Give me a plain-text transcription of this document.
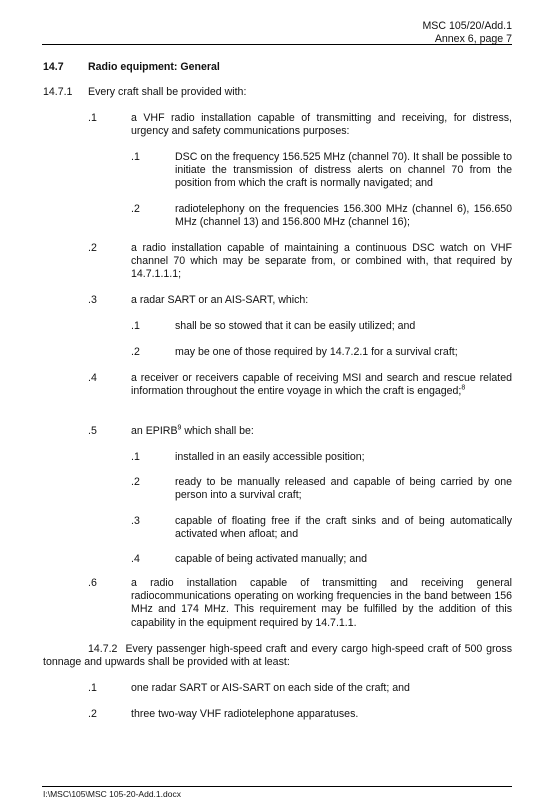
MSC 105/20/Add.1
Annex 6, page 7
14.7 Radio equipment: General
14.7.1 Every craft shall be provided with:
.1	a VHF radio installation capable of transmitting and receiving, for distress, urgency and safety communications purposes:
.1	DSC on the frequency 156.525 MHz (channel 70). It shall be possible to initiate the transmission of distress alerts on channel 70 from the position from which the craft is normally navigated; and
.2	radiotelephony on the frequencies 156.300 MHz (channel 6), 156.650 MHz (channel 13) and 156.800 MHz (channel 16);
.2	a radio installation capable of maintaining a continuous DSC watch on VHF channel 70 which may be separate from, or combined with, that required by 14.7.1.1.1;
.3	a radar SART or an AIS-SART, which:
.1	shall be so stowed that it can be easily utilized; and
.2	may be one of those required by 14.7.2.1 for a survival craft;
.4	a receiver or receivers capable of receiving MSI and search and rescue related information throughout the entire voyage in which the craft is engaged;$^8$
.5	an EPIRB$^9$ which shall be:
.1	installed in an easily accessible position;
.2	ready to be manually released and capable of being carried by one person into a survival craft;
.3	capable of floating free if the craft sinks and of being automatically activated when afloat; and
.4	capable of being activated manually; and
.6	a radio installation capable of transmitting and receiving general radiocommunications operating on working frequencies in the band between 156 MHz and 174 MHz. This requirement may be fulfilled by the addition of this capability in the equipment required by 14.7.1.1.
14.7.2 Every passenger high-speed craft and every cargo high-speed craft of 500 gross tonnage and upwards shall be provided with at least:
.1	one radar SART or AIS-SART on each side of the craft; and
.2	three two-way VHF radiotelephone apparatuses.
I:\MSC\105\MSC 105-20-Add.1.docx
